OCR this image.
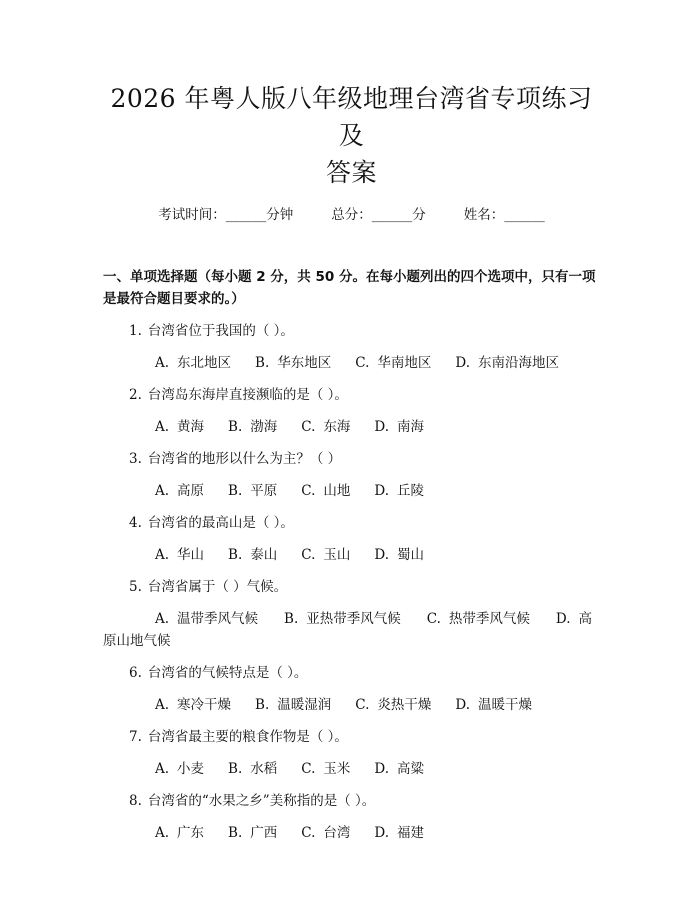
2026 年粤人版八年级地理台湾省专项练习及
答案
考试时间：______分钟	总分：______分	姓名：______
一、单项选择题（每小题 2 分，共 50 分。在每小题列出的四个选项中，只有一项是最符合题目要求的。）
1. 台湾省位于我国的（ ）。
A. 东北地区 B. 华东地区 C. 华南地区 D. 东南沿海地区
2. 台湾岛东海岸直接濒临的是（ ）。
A. 黄海 B. 渤海 C. 东海 D. 南海
3. 台湾省的地形以什么为主？（ ）
A. 高原 B. 平原 C. 山地 D. 丘陵
4. 台湾省的最高山是（ ）。
A. 华山 B. 泰山 C. 玉山 D. 蜀山
5. 台湾省属于（ ）气候。
A. 温带季风气候 B. 亚热带季风气候 C. 热带季风气候 D. 高原山地气候
6. 台湾省的气候特点是（ ）。
A. 寒冷干燥 B. 温暖湿润 C. 炎热干燥 D. 温暖干燥
7. 台湾省最主要的粮食作物是（ ）。
A. 小麦 B. 水稻 C. 玉米 D. 高粱
8. 台湾省的“水果之乡”美称指的是（ ）。
A. 广东 B. 广西 C. 台湾 D. 福建
